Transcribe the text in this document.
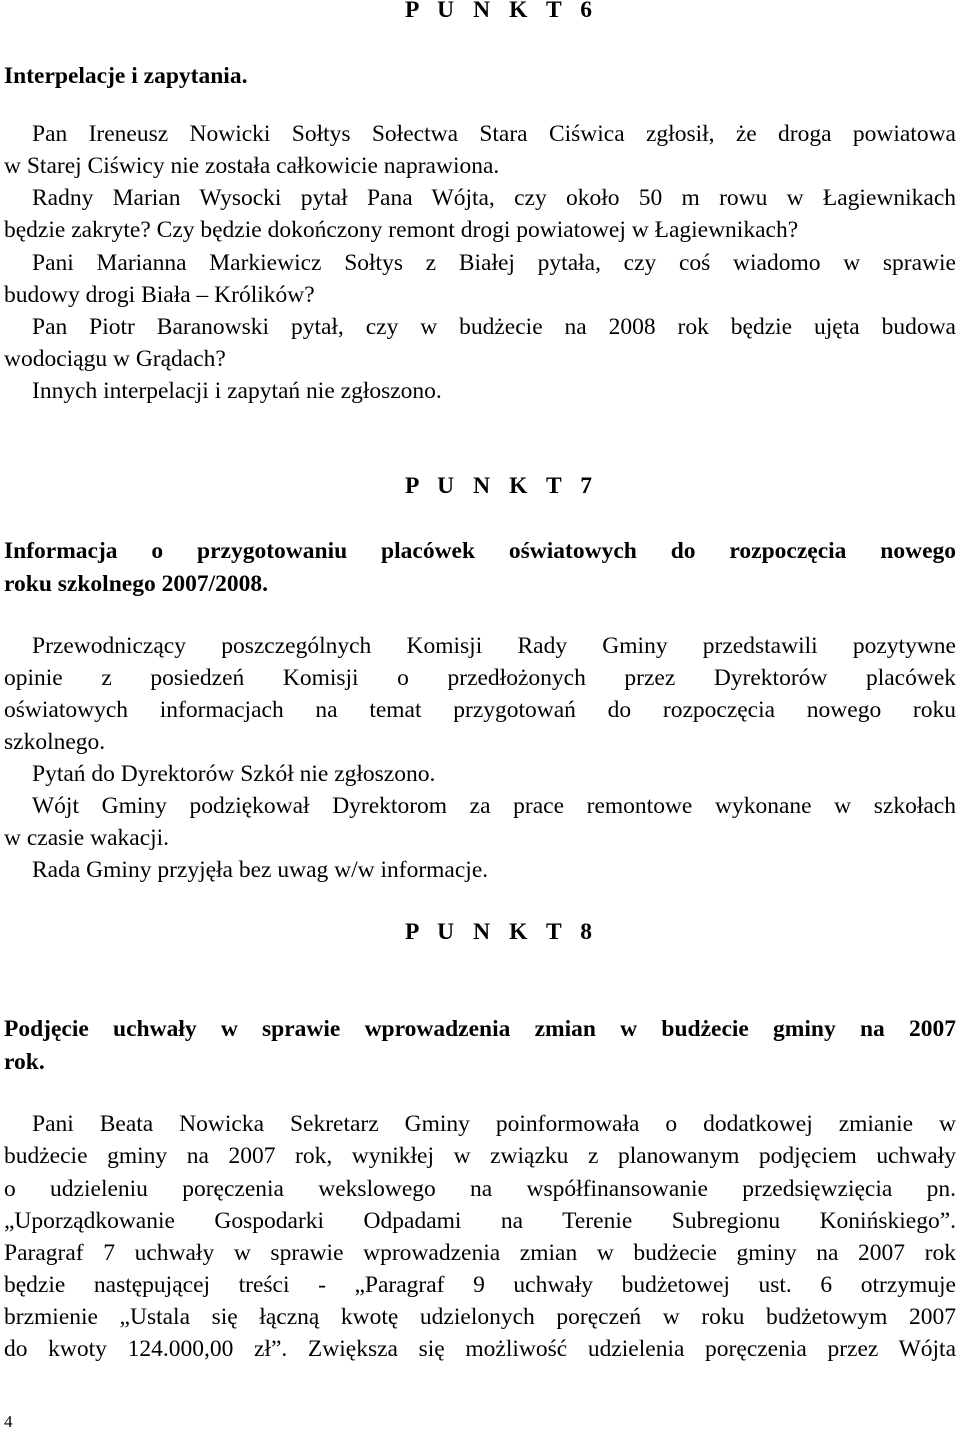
P U N K T 6
Interpelacje i zapytania.
Pan Ireneusz Nowicki Sołtys Sołectwa Stara Ciświca zgłosił, że droga powiatowa
w Starej Ciświcy nie została całkowicie naprawiona.
Radny Marian Wysocki pytał Pana Wójta, czy około 50 m rowu w Łagiewnikach
będzie zakryte? Czy będzie dokończony remont drogi powiatowej w Łagiewnikach?
Pani Marianna Markiewicz Sołtys z Białej pytała, czy coś wiadomo w sprawie
budowy drogi Biała – Królików?
Pan Piotr Baranowski pytał, czy w budżecie na 2008 rok będzie ujęta budowa
wodociągu w Grądach?
Innych interpelacji i zapytań nie zgłoszono.
P U N K T 7
Informacja o przygotowaniu placówek oświatowych do rozpoczęcia nowego
roku szkolnego 2007/2008.
Przewodniczący poszczególnych Komisji Rady Gminy przedstawili pozytywne
opinie z posiedzeń Komisji o przedłożonych przez Dyrektorów placówek
oświatowych informacjach na temat przygotowań do rozpoczęcia nowego roku
szkolnego.
Pytań do Dyrektorów Szkół nie zgłoszono.
Wójt Gminy podziękował Dyrektorom za prace remontowe wykonane w szkołach
w czasie wakacji.
Rada Gminy przyjęła bez uwag w/w informacje.
P U N K T 8
Podjęcie uchwały w sprawie wprowadzenia zmian w budżecie gminy na 2007
rok.
Pani Beata Nowicka Sekretarz Gminy poinformowała o dodatkowej zmianie w
budżecie gminy na 2007 rok, wynikłej w związku z planowanym podjęciem uchwały
o udzieleniu poręczenia wekslowego na współfinansowanie przedsięwzięcia pn.
„Uporządkowanie Gospodarki Odpadami na Terenie Subregionu Konińskiego”.
Paragraf 7 uchwały w sprawie wprowadzenia zmian w budżecie gminy na 2007 rok
będzie następującej treści - „Paragraf 9 uchwały budżetowej ust. 6 otrzymuje
brzmienie „Ustala się łączną kwotę udzielonych poręczeń w roku budżetowym 2007
do kwoty 124.000,00 zł”. Zwiększa się możliwość udzielenia poręczenia przez Wójta
4
